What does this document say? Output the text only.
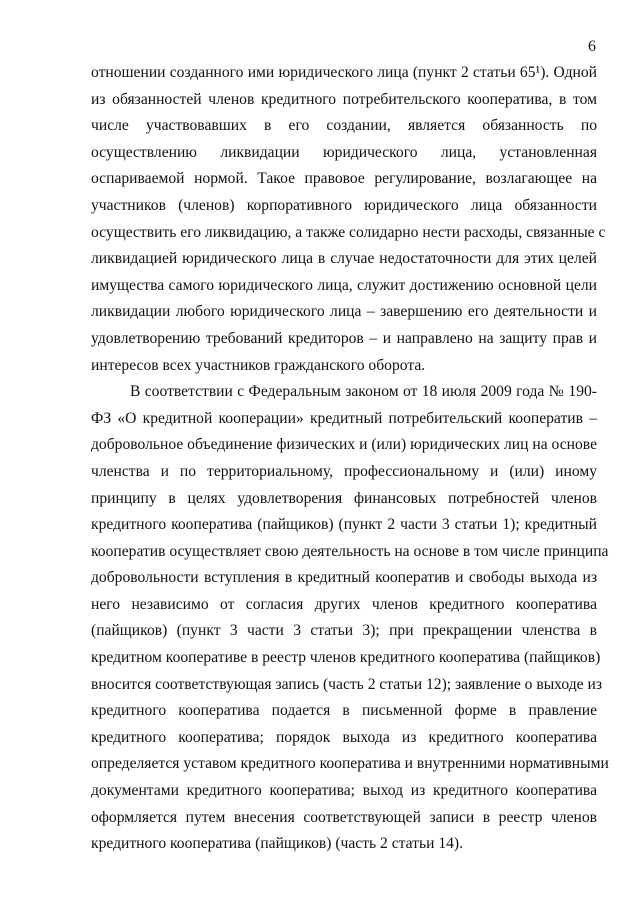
6
отношении созданного ими юридического лица (пункт 2 статьи 65¹). Одной
из обязанностей членов кредитного потребительского кооператива, в том
числе участвовавших в его создании, является обязанность по
осуществлению ликвидации юридического лица, установленная
оспариваемой нормой. Такое правовое регулирование, возлагающее на
участников (членов) корпоративного юридического лица обязанности
осуществить его ликвидацию, а также солидарно нести расходы, связанные с
ликвидацией юридического лица в случае недостаточности для этих целей
имущества самого юридического лица, служит достижению основной цели
ликвидации любого юридического лица – завершению его деятельности и
удовлетворению требований кредиторов – и направлено на защиту прав и
интересов всех участников гражданского оборота.
В соответствии с Федеральным законом от 18 июля 2009 года № 190-
ФЗ «О кредитной кооперации» кредитный потребительский кооператив –
добровольное объединение физических и (или) юридических лиц на основе
членства и по территориальному, профессиональному и (или) иному
принципу в целях удовлетворения финансовых потребностей членов
кредитного кооператива (пайщиков) (пункт 2 части 3 статьи 1); кредитный
кооператив осуществляет свою деятельность на основе в том числе принципа
добровольности вступления в кредитный кооператив и свободы выхода из
него независимо от согласия других членов кредитного кооператива
(пайщиков) (пункт 3 части 3 статьи 3); при прекращении членства в
кредитном кооперативе в реестр членов кредитного кооператива (пайщиков)
вносится соответствующая запись (часть 2 статьи 12); заявление о выходе из
кредитного кооператива подается в письменной форме в правление
кредитного кооператива; порядок выхода из кредитного кооператива
определяется уставом кредитного кооператива и внутренними нормативными
документами кредитного кооператива; выход из кредитного кооператива
оформляется путем внесения соответствующей записи в реестр членов
кредитного кооператива (пайщиков) (часть 2 статьи 14).
